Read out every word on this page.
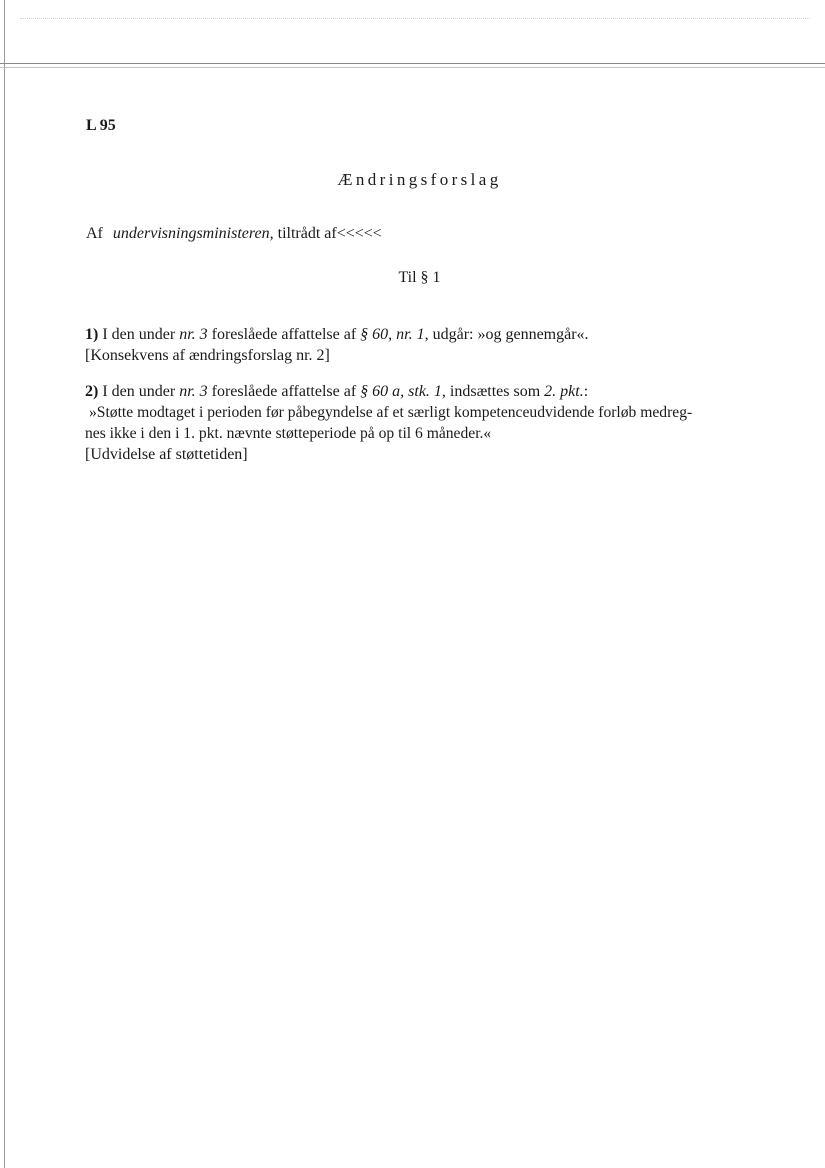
L 95

Ændringsforslag

Af undervisningsministeren, tiltrådt af<<<<<

Til § 1
1) I den under nr. 3 foreslåede affattelse af § 60, nr. 1, udgår: »og gennemgår«.
[Konsekvens af ændringsforslag nr. 2]
2) I den under nr. 3 foreslåede affattelse af § 60 a, stk. 1, indsættes som 2. pkt.:
»Støtte modtaget i perioden før påbegyndelse af et særligt kompetenceudvidende forløb medreg-
nes ikke i den i 1. pkt. nævnte støtteperiode på op til 6 måneder.«
[Udvidelse af støttetiden]
